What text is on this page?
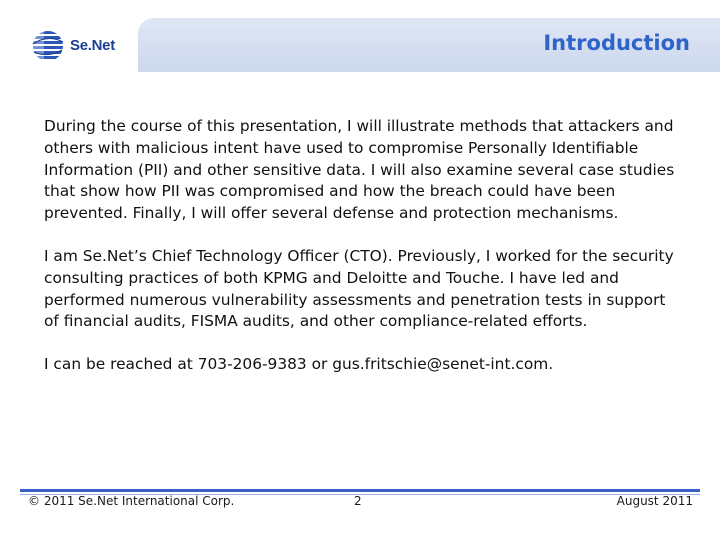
Se.Net	Introduction

During the course of this presentation, I will illustrate methods that attackers and others with malicious intent have used to compromise Personally Identifiable Information (PII) and other sensitive data. I will also examine several case studies that show how PII was compromised and how the breach could have been prevented. Finally, I will offer several defense and protection mechanisms.

I am Se.Net’s Chief Technology Officer (CTO). Previously, I worked for the security consulting practices of both KPMG and Deloitte and Touche. I have led and performed numerous vulnerability assessments and penetration tests in support of financial audits, FISMA audits, and other compliance-related efforts.

I can be reached at 703-206-9383 or gus.fritschie@senet-int.com.

© 2011 Se.Net International Corp.	2	August 2011
